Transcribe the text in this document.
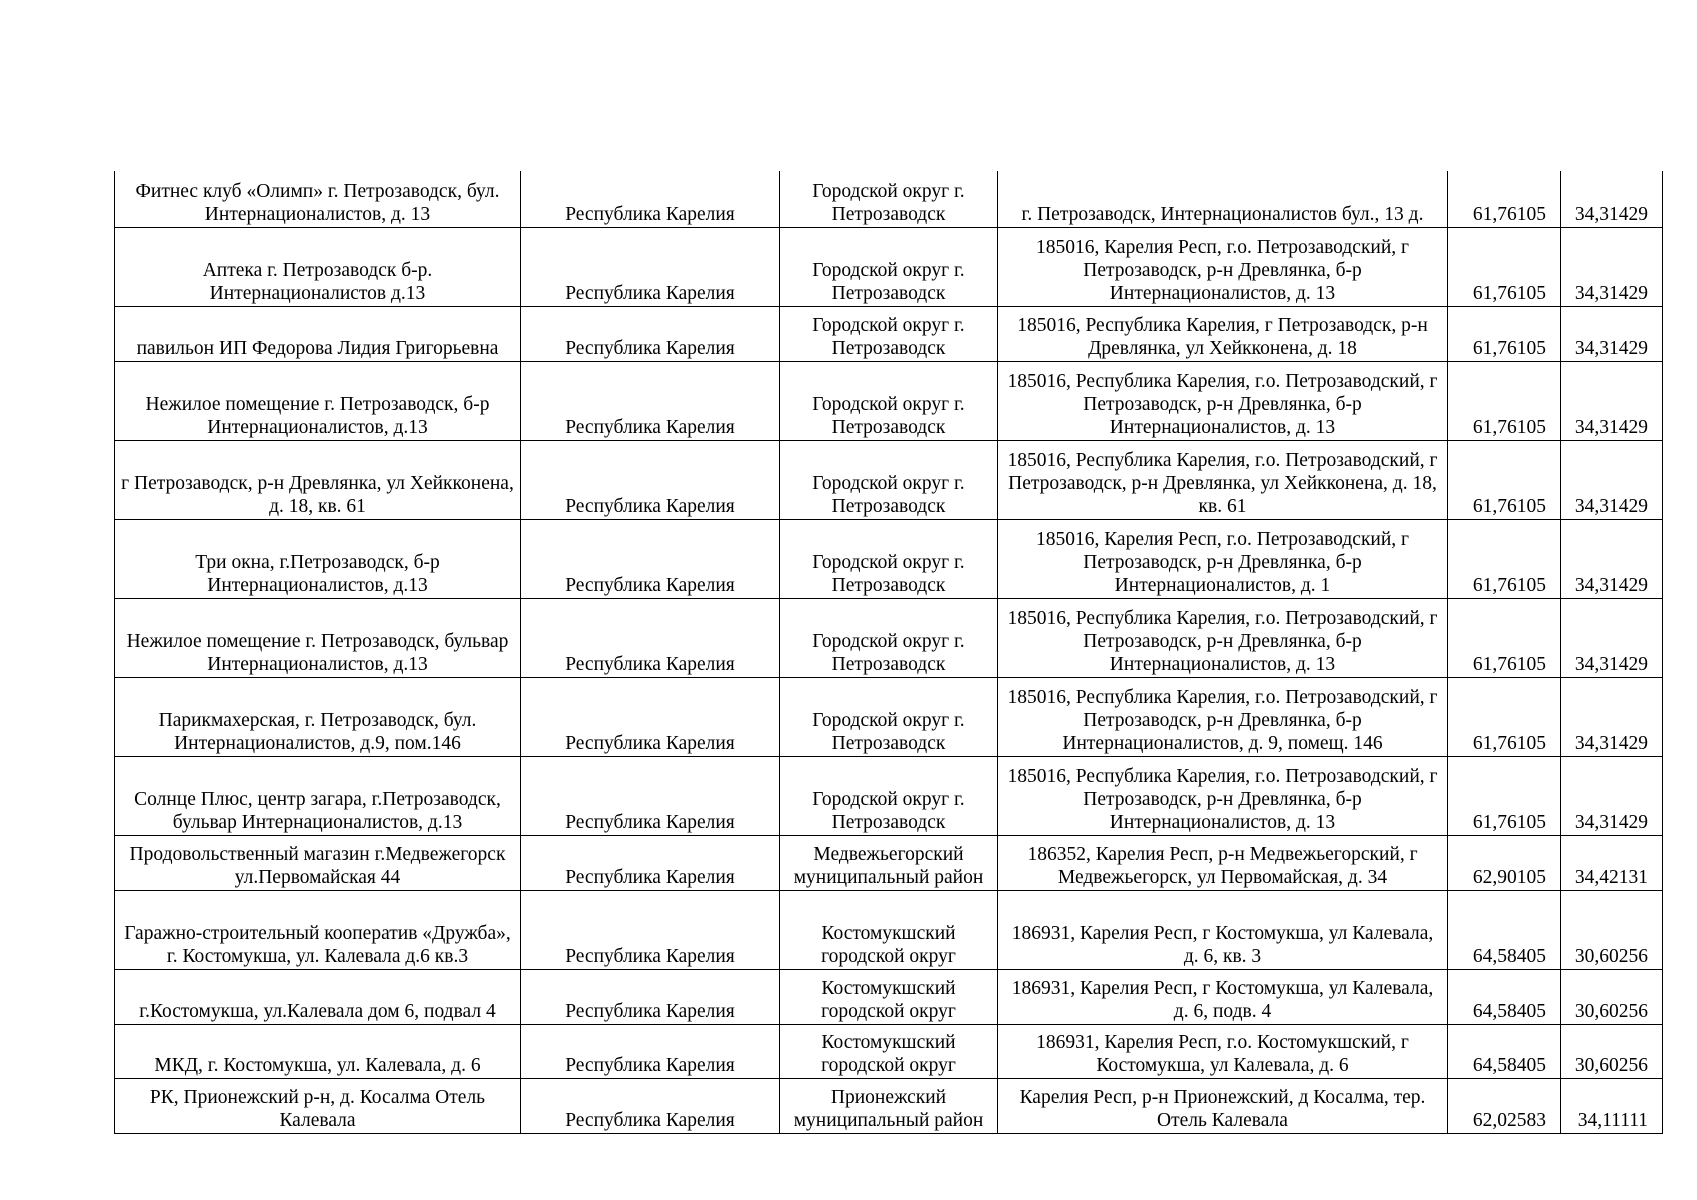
Фитнес клуб «Олимп» г. Петрозаводск, бул. Интернационалистов, д. 13	Республика Карелия	Городской округ г. Петрозаводск	г. Петрозаводск, Интернационалистов бул., 13 д.	61,76105	34,31429
Аптека г. Петрозаводск б-р. Интернационалистов д.13	Республика Карелия	Городской округ г. Петрозаводск	185016, Карелия Респ, г.о. Петрозаводский, г Петрозаводск, р-н Древлянка, б-р Интернационалистов, д. 13	61,76105	34,31429
павильон ИП Федорова Лидия Григорьевна	Республика Карелия	Городской округ г. Петрозаводск	185016, Республика Карелия, г Петрозаводск, р-н Древлянка, ул Хейкконена, д. 18	61,76105	34,31429
Нежилое помещение г. Петрозаводск, б-р Интернационалистов, д.13	Республика Карелия	Городской округ г. Петрозаводск	185016, Республика Карелия, г.о. Петрозаводский, г Петрозаводск, р-н Древлянка, б-р Интернационалистов, д. 13	61,76105	34,31429
г Петрозаводск, р-н Древлянка, ул Хейкконена, д. 18, кв. 61	Республика Карелия	Городской округ г. Петрозаводск	185016, Республика Карелия, г.о. Петрозаводский, г Петрозаводск, р-н Древлянка, ул Хейкконена, д. 18, кв. 61	61,76105	34,31429
Три окна, г.Петрозаводск, б-р Интернационалистов, д.13	Республика Карелия	Городской округ г. Петрозаводск	185016, Карелия Респ, г.о. Петрозаводский, г Петрозаводск, р-н Древлянка, б-р Интернационалистов, д. 1	61,76105	34,31429
Нежилое помещение г. Петрозаводск, бульвар Интернационалистов, д.13	Республика Карелия	Городской округ г. Петрозаводск	185016, Республика Карелия, г.о. Петрозаводский, г Петрозаводск, р-н Древлянка, б-р Интернационалистов, д. 13	61,76105	34,31429
Парикмахерская, г. Петрозаводск, бул. Интернационалистов, д.9, пом.146	Республика Карелия	Городской округ г. Петрозаводск	185016, Республика Карелия, г.о. Петрозаводский, г Петрозаводск, р-н Древлянка, б-р Интернационалистов, д. 9, помещ. 146	61,76105	34,31429
Солнце Плюс, центр загара, г.Петрозаводск, бульвар Интернационалистов, д.13	Республика Карелия	Городской округ г. Петрозаводск	185016, Республика Карелия, г.о. Петрозаводский, г Петрозаводск, р-н Древлянка, б-р Интернационалистов, д. 13	61,76105	34,31429
Продовольственный магазин г.Медвежегорск ул.Первомайская 44	Республика Карелия	Медвежьегорский муниципальный район	186352, Карелия Респ, р-н Медвежьегорский, г Медвежьегорск, ул Первомайская, д. 34	62,90105	34,42131
Гаражно-строительный кооператив «Дружба», г. Костомукша, ул. Калевала д.6 кв.3	Республика Карелия	Костомукшский городской округ	186931, Карелия Респ, г Костомукша, ул Калевала, д. 6, кв. 3	64,58405	30,60256
г.Костомукша, ул.Калевала дом 6, подвал 4	Республика Карелия	Костомукшский городской округ	186931, Карелия Респ, г Костомукша, ул Калевала, д. 6, подв. 4	64,58405	30,60256
МКД, г. Костомукша, ул. Калевала, д. 6	Республика Карелия	Костомукшский городской округ	186931, Карелия Респ, г.о. Костомукшский, г Костомукша, ул Калевала, д. 6	64,58405	30,60256
РК, Прионежский р-н, д. Косалма Отель Калевала	Республика Карелия	Прионежский муниципальный район	Карелия Респ, р-н Прионежский, д Косалма, тер. Отель Калевала	62,02583	34,11111
